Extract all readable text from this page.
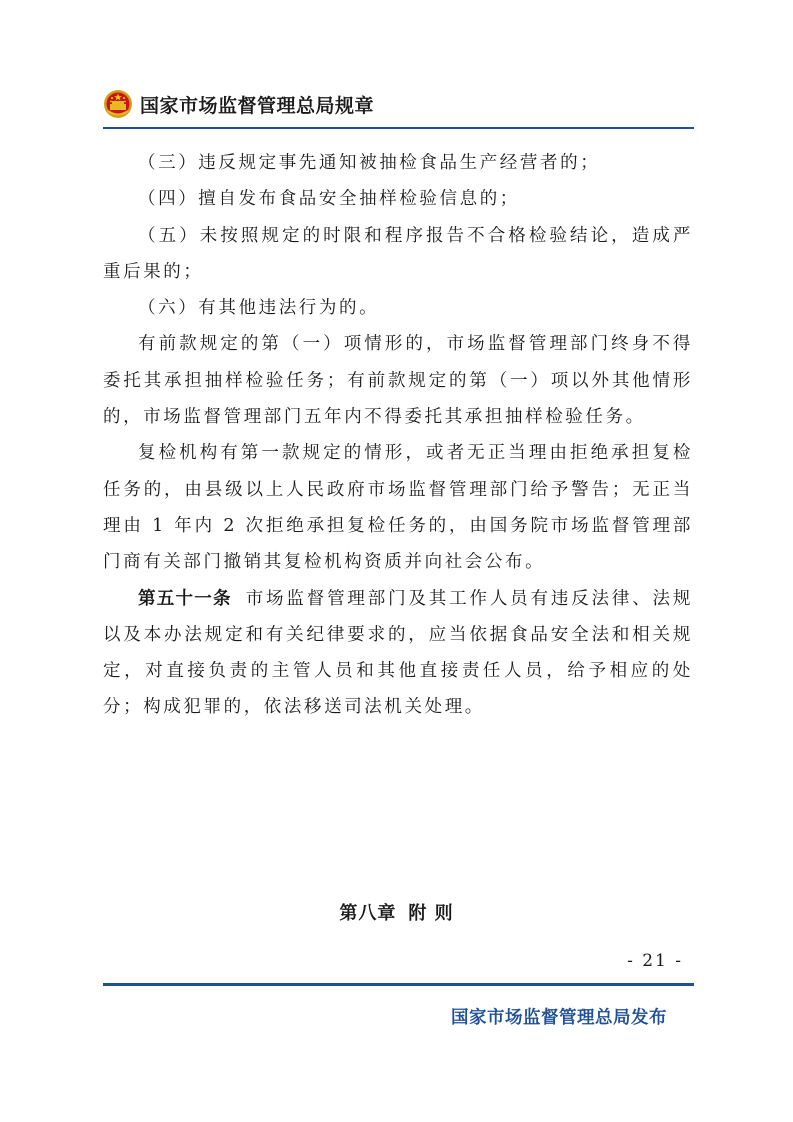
国家市场监督管理总局规章

（三）违反规定事先通知被抽检食品生产经营者的；

（四）擅自发布食品安全抽样检验信息的；

（五）未按照规定的时限和程序报告不合格检验结论，造成严重后果的；

（六）有其他违法行为的。

有前款规定的第（一）项情形的，市场监督管理部门终身不得委托其承担抽样检验任务；有前款规定的第（一）项以外其他情形的，市场监督管理部门五年内不得委托其承担抽样检验任务。

复检机构有第一款规定的情形，或者无正当理由拒绝承担复检任务的，由县级以上人民政府市场监督管理部门给予警告；无正当理由 1 年内 2 次拒绝承担复检任务的，由国务院市场监督管理部门商有关部门撤销其复检机构资质并向社会公布。

第五十一条 市场监督管理部门及其工作人员有违反法律、法规以及本办法规定和有关纪律要求的，应当依据食品安全法和相关规定，对直接负责的主管人员和其他直接责任人员，给予相应的处分；构成犯罪的，依法移送司法机关处理。

第八章 附 则
- 21 -
国家市场监督管理总局发布
